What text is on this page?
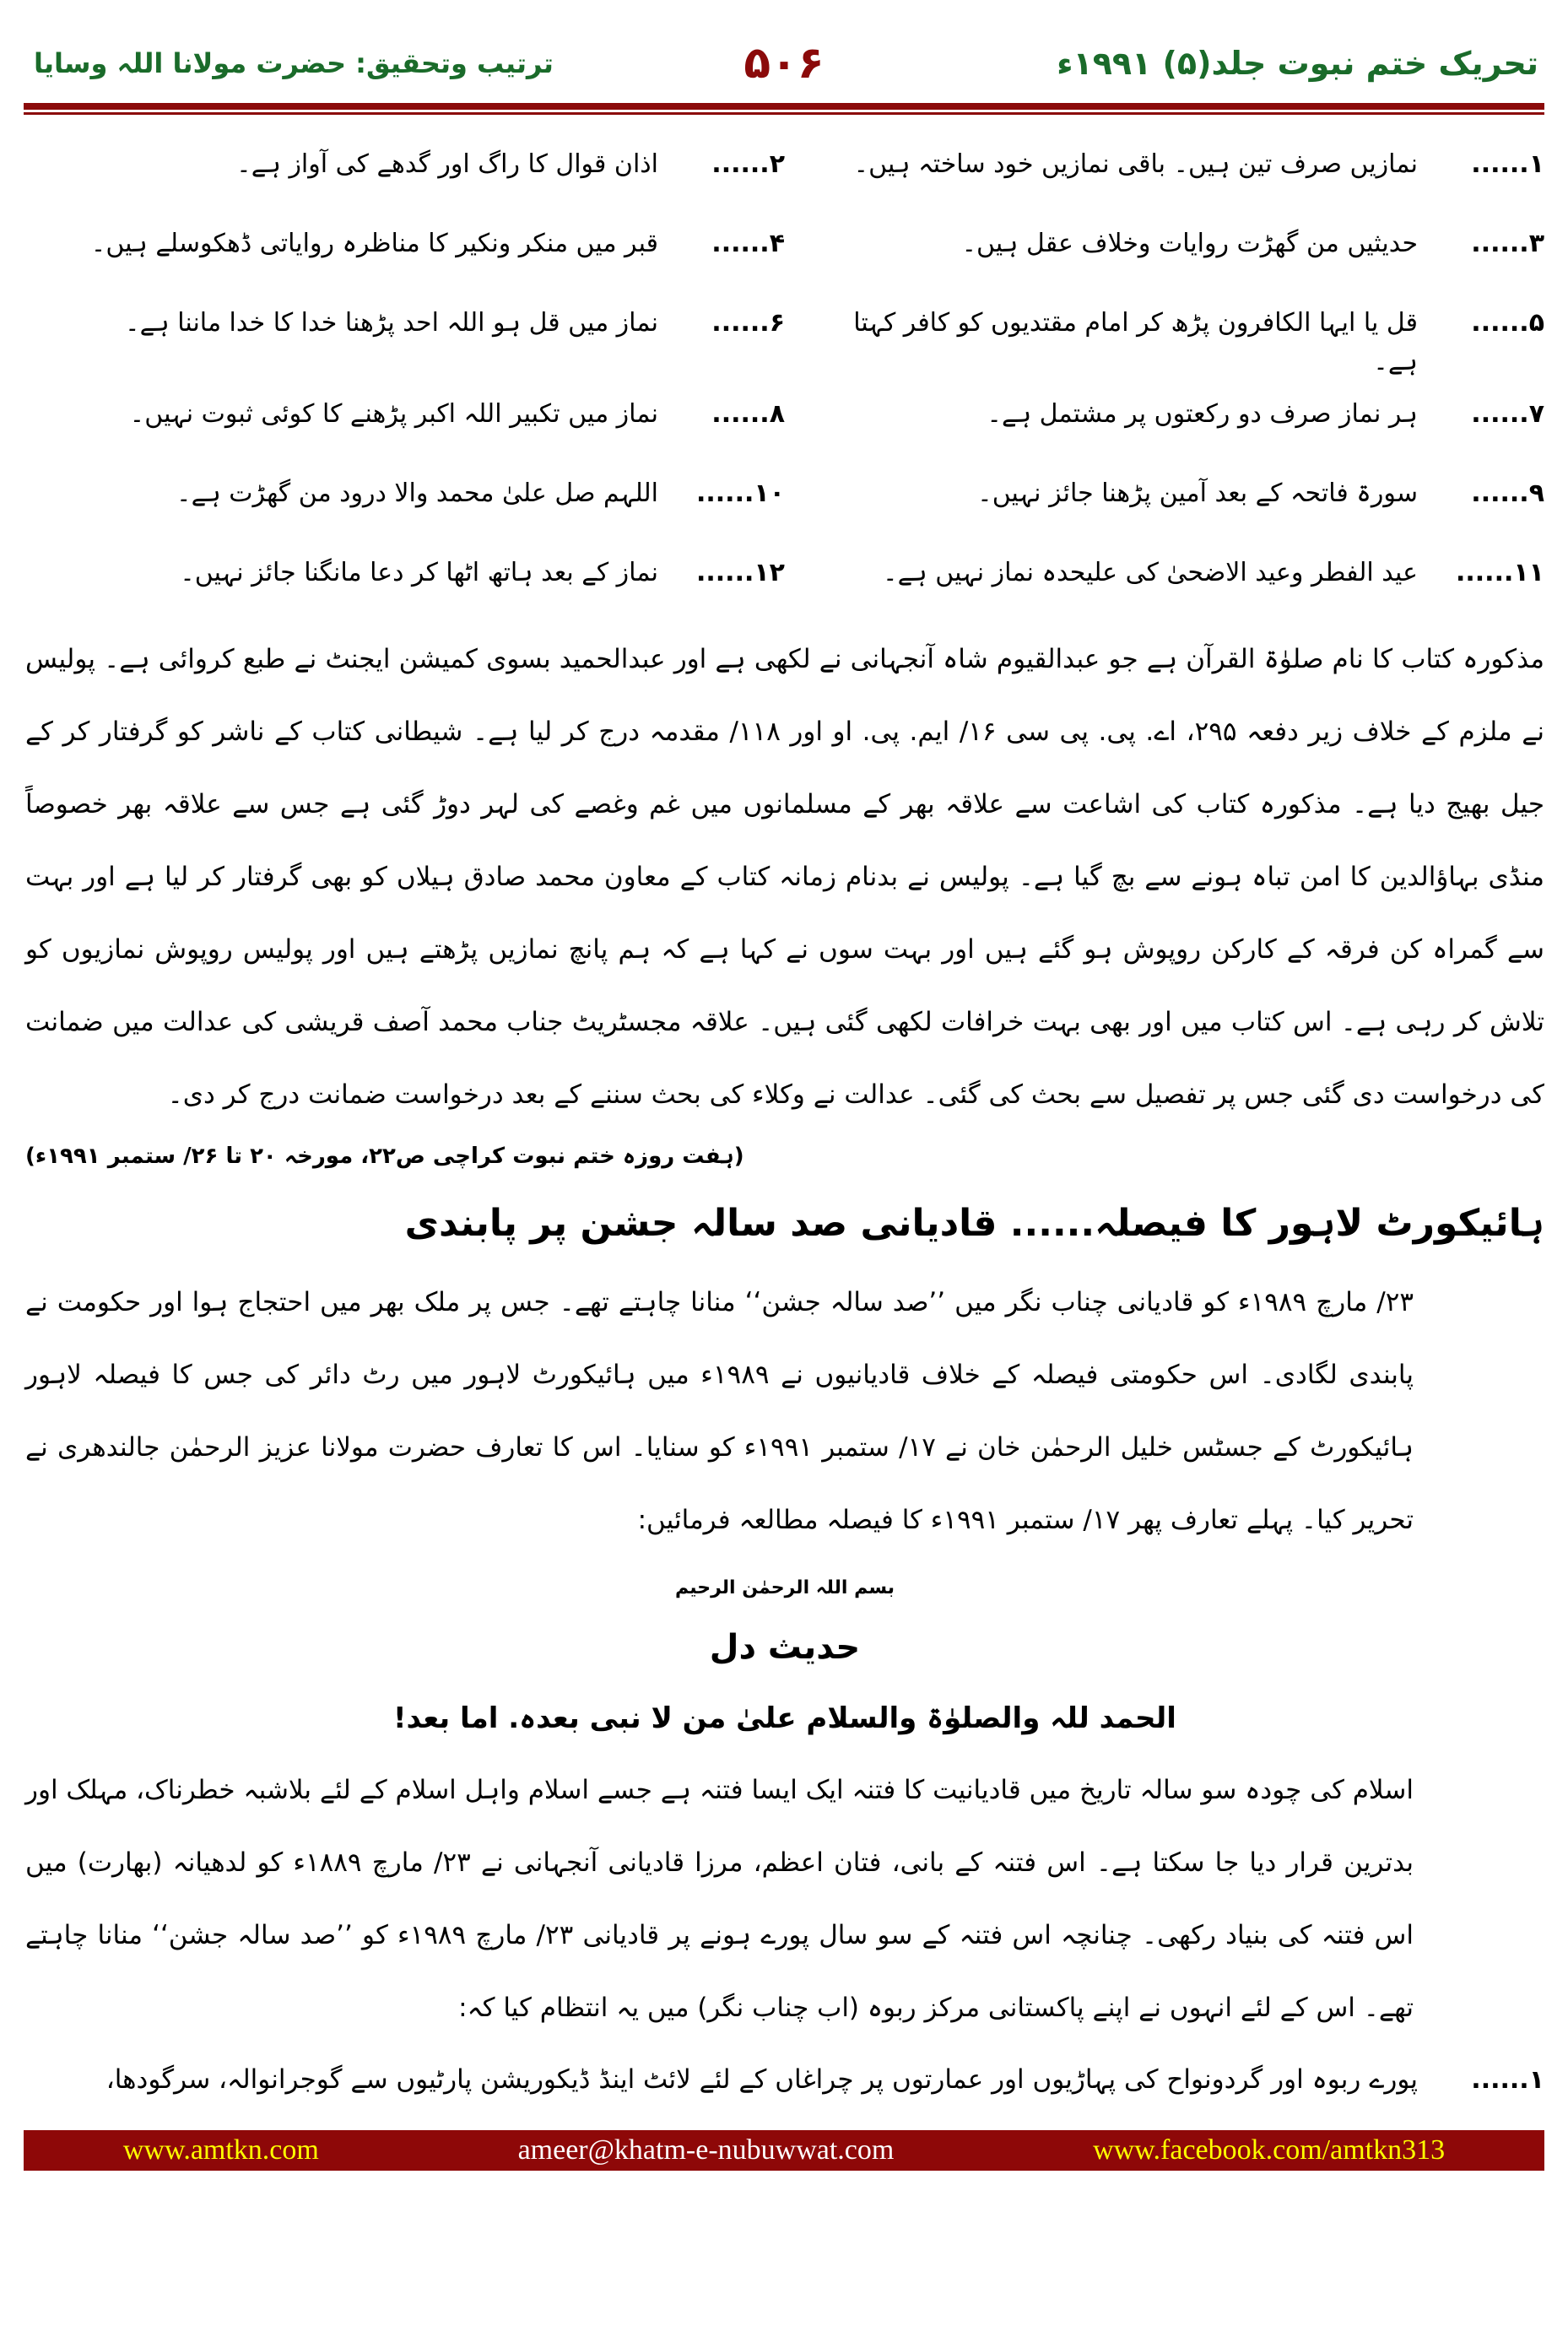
تحریک ختم نبوت جلد(۵) ۱۹۹۱ء
۵۰۶
ترتیب وتحقیق: حضرت مولانا اللہ وسایا
۱......
نمازیں صرف تین ہیں۔ باقی نمازیں خود ساختہ ہیں۔
۲......
اذان قوال کا راگ اور گدھے کی آواز ہے۔
۳......
حدیثیں من گھڑت روایات وخلاف عقل ہیں۔
۴......
قبر میں منکر ونکیر کا مناظرہ روایاتی ڈھکوسلے ہیں۔
۵......
قل یا ایہا الکافرون پڑھ کر امام مقتدیوں کو کافر کہتا ہے۔
۶......
نماز میں قل ہو اللہ احد پڑھنا خدا کا خدا ماننا ہے۔
۷......
ہر نماز صرف دو رکعتوں پر مشتمل ہے۔
۸......
نماز میں تکبیر اللہ اکبر پڑھنے کا کوئی ثبوت نہیں۔
۹......
سورۃ فاتحہ کے بعد آمین پڑھنا جائز نہیں۔
۱۰......
اللہم صل علیٰ محمد والا درود من گھڑت ہے۔
۱۱......
عید الفطر وعید الاضحیٰ کی علیحدہ نماز نہیں ہے۔
۱۲......
نماز کے بعد ہاتھ اٹھا کر دعا مانگنا جائز نہیں۔

مذکورہ کتاب کا نام صلوٰۃ القرآن ہے جو عبدالقیوم شاہ آنجہانی نے لکھی ہے اور عبدالحمید بسوی کمیشن ایجنٹ نے طبع کروائی ہے۔ پولیس نے ملزم کے خلاف زیر دفعہ ۲۹۵، اے. پی. پی سی ۱۶/ ایم. پی. او اور ۱۱۸/ مقدمہ درج کر لیا ہے۔ شیطانی کتاب کے ناشر کو گرفتار کر کے جیل بھیج دیا ہے۔ مذکورہ کتاب کی اشاعت سے علاقہ بھر کے مسلمانوں میں غم وغصے کی لہر دوڑ گئی ہے جس سے علاقہ بھر خصوصاً منڈی بہاؤالدین کا امن تباہ ہونے سے بچ گیا ہے۔ پولیس نے بدنام زمانہ کتاب کے معاون محمد صادق ہیلاں کو بھی گرفتار کر لیا ہے اور بہت سے گمراہ کن فرقہ کے کارکن روپوش ہو گئے ہیں اور بہت سوں نے کہا ہے کہ ہم پانچ نمازیں پڑھتے ہیں اور پولیس روپوش نمازیوں کو تلاش کر رہی ہے۔ اس کتاب میں اور بھی بہت خرافات لکھی گئی ہیں۔ علاقہ مجسٹریٹ جناب محمد آصف قریشی کی عدالت میں ضمانت کی درخواست دی گئی جس پر تفصیل سے بحث کی گئی۔ عدالت نے وکلاء کی بحث سننے کے بعد درخواست ضمانت درج کر دی۔

(ہفت روزہ ختم نبوت کراچی ص۲۲، مورخہ ۲۰ تا ۲۶/ ستمبر ۱۹۹۱ء)
ہائیکورٹ لاہور کا فیصلہ...... قادیانی صد سالہ جشن پر پابندی

۲۳/ مارچ ۱۹۸۹ء کو قادیانی چناب نگر میں ’’صد سالہ جشن‘‘ منانا چاہتے تھے۔ جس پر ملک بھر میں احتجاج ہوا اور حکومت نے پابندی لگادی۔ اس حکومتی فیصلہ کے خلاف قادیانیوں نے ۱۹۸۹ء میں ہائیکورٹ لاہور میں رٹ دائر کی جس کا فیصلہ لاہور ہائیکورٹ کے جسٹس خلیل الرحمٰن خان نے ۱۷/ ستمبر ۱۹۹۱ء کو سنایا۔ اس کا تعارف حضرت مولانا عزیز الرحمٰن جالندھری نے تحریر کیا۔ پہلے تعارف پھر ۱۷/ ستمبر ۱۹۹۱ء کا فیصلہ مطالعہ فرمائیں:

بسم اللہ الرحمٰن الرحیم
حدیث دل
الحمد للہ والصلوٰۃ والسلام علیٰ من لا نبی بعدہ. اما بعد!

اسلام کی چودہ سو سالہ تاریخ میں قادیانیت کا فتنہ ایک ایسا فتنہ ہے جسے اسلام واہل اسلام کے لئے بلاشبہ خطرناک، مہلک اور بدترین قرار دیا جا سکتا ہے۔ اس فتنہ کے بانی، فتان اعظم، مرزا قادیانی آنجہانی نے ۲۳/ مارچ ۱۸۸۹ء کو لدھیانہ (بھارت) میں اس فتنہ کی بنیاد رکھی۔ چنانچہ اس فتنہ کے سو سال پورے ہونے پر قادیانی ۲۳/ مارچ ۱۹۸۹ء کو ’’صد سالہ جشن‘‘ منانا چاہتے تھے۔ اس کے لئے انہوں نے اپنے پاکستانی مرکز ربوہ (اب چناب نگر) میں یہ انتظام کیا کہ:

۱......
پورے ربوہ اور گردونواح کی پہاڑیوں اور عمارتوں پر چراغاں کے لئے لائٹ اینڈ ڈیکوریشن پارٹیوں سے گوجرانوالہ، سرگودھا،
www.amtkn.com	ameer@khatm-e-nubuwwat.com	www.facebook.com/amtkn313
